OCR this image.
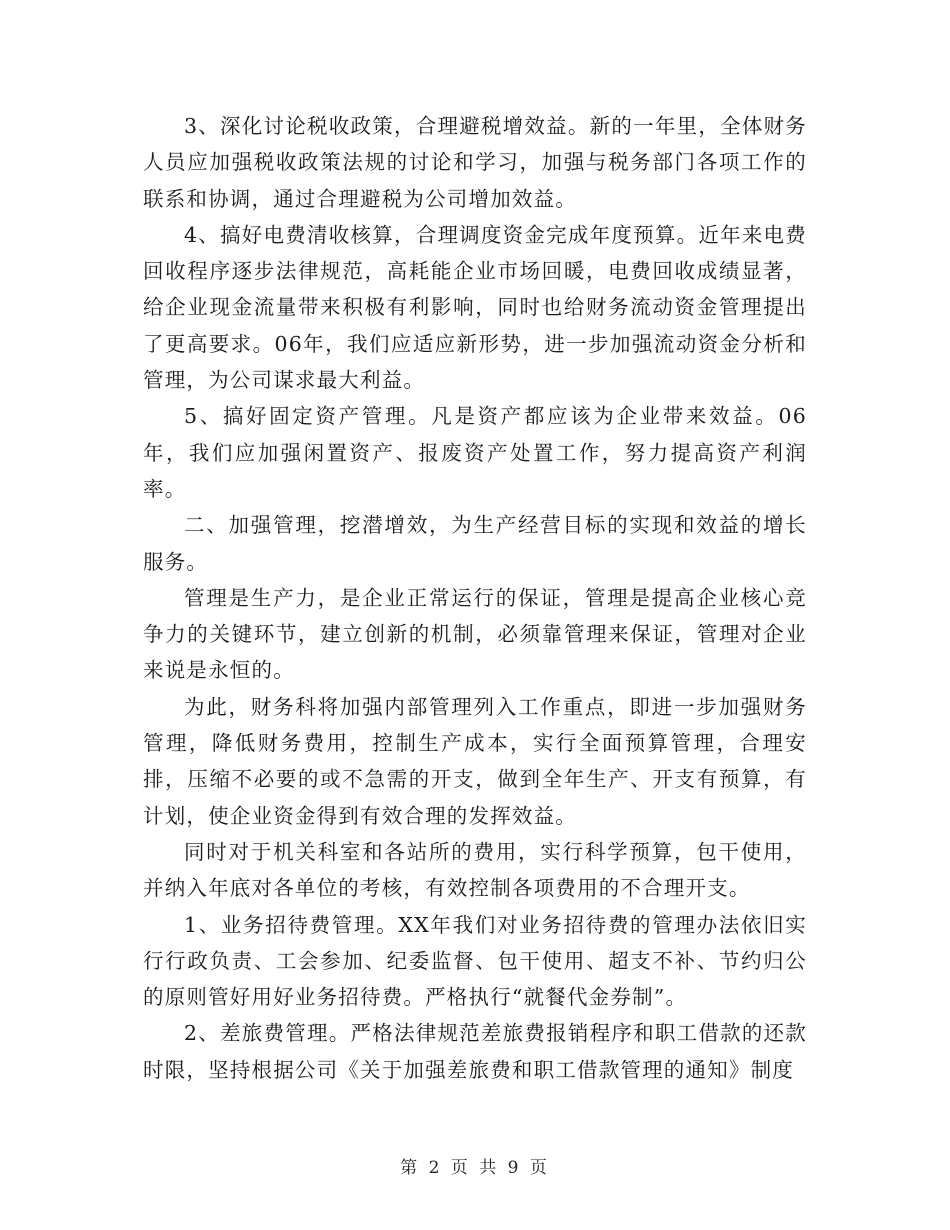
3、深化讨论税收政策，合理避税增效益。新的一年里，全体财务人员应加强税收政策法规的讨论和学习，加强与税务部门各项工作的联系和协调，通过合理避税为公司增加效益。

4、搞好电费清收核算，合理调度资金完成年度预算。近年来电费回收程序逐步法律规范，高耗能企业市场回暖，电费回收成绩显著，给企业现金流量带来积极有利影响，同时也给财务流动资金管理提出了更高要求。06年，我们应适应新形势，进一步加强流动资金分析和管理，为公司谋求最大利益。

5、搞好固定资产管理。凡是资产都应该为企业带来效益。06年，我们应加强闲置资产、报废资产处置工作，努力提高资产利润率。

二、加强管理，挖潜增效，为生产经营目标的实现和效益的增长服务。

管理是生产力，是企业正常运行的保证，管理是提高企业核心竞争力的关键环节，建立创新的机制，必须靠管理来保证，管理对企业来说是永恒的。

为此，财务科将加强内部管理列入工作重点，即进一步加强财务管理，降低财务费用，控制生产成本，实行全面预算管理，合理安排，压缩不必要的或不急需的开支，做到全年生产、开支有预算，有计划，使企业资金得到有效合理的发挥效益。

同时对于机关科室和各站所的费用，实行科学预算，包干使用，并纳入年底对各单位的考核，有效控制各项费用的不合理开支。

1、业务招待费管理。XX年我们对业务招待费的管理办法依旧实行行政负责、工会参加、纪委监督、包干使用、超支不补、节约归公的原则管好用好业务招待费。严格执行“就餐代金券制”。

2、差旅费管理。严格法律规范差旅费报销程序和职工借款的还款时限，坚持根据公司《关于加强差旅费和职工借款管理的通知》制度

第 2 页 共 9 页
